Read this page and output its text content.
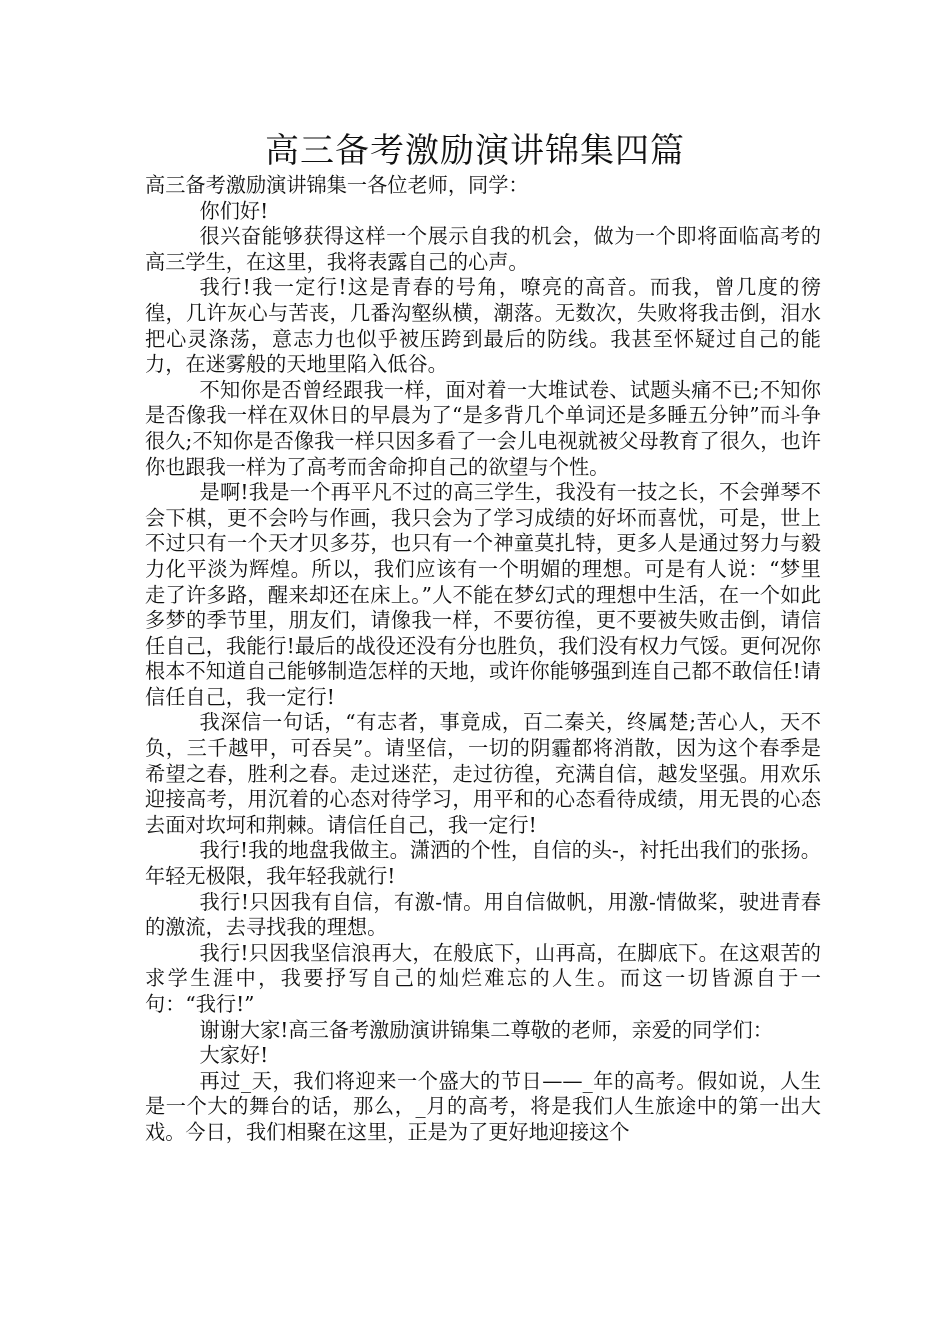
高三备考激励演讲锦集四篇

高三备考激励演讲锦集一各位老师，同学：

你们好!

很兴奋能够获得这样一个展示自我的机会，做为一个即将面临高考的高三学生，在这里，我将表露自己的心声。

我行!我一定行!这是青春的号角，嘹亮的高音。而我，曾几度的徬徨，几许灰心与苦丧，几番沟壑纵横，潮落。无数次，失败将我击倒，泪水把心灵涤荡，意志力也似乎被压跨到最后的防线。我甚至怀疑过自己的能力，在迷雾般的天地里陷入低谷。

不知你是否曾经跟我一样，面对着一大堆试卷、试题头痛不已;不知你是否像我一样在双休日的早晨为了“是多背几个单词还是多睡五分钟”而斗争很久;不知你是否像我一样只因多看了一会儿电视就被父母教育了很久，也许你也跟我一样为了高考而舍命抑自己的欲望与个性。

是啊!我是一个再平凡不过的高三学生，我没有一技之长，不会弹琴不会下棋，更不会吟与作画，我只会为了学习成绩的好坏而喜忧，可是，世上不过只有一个天才贝多芬，也只有一个神童莫扎特，更多人是通过努力与毅力化平淡为辉煌。所以，我们应该有一个明媚的理想。可是有人说：“梦里走了许多路，醒来却还在床上。”人不能在梦幻式的理想中生活，在一个如此多梦的季节里，朋友们，请像我一样，不要彷徨，更不要被失败击倒，请信任自己，我能行!最后的战役还没有分也胜负，我们没有权力气馁。更何况你根本不知道自己能够制造怎样的天地，或许你能够强到连自己都不敢信任!请信任自己，我一定行!

我深信一句话，“有志者，事竟成，百二秦关，终属楚;苦心人，天不负，三千越甲，可吞吴”。请坚信，一切的阴霾都将消散，因为这个春季是希望之春，胜利之春。走过迷茫，走过彷徨，充满自信，越发坚强。用欢乐迎接高考，用沉着的心态对待学习，用平和的心态看待成绩，用无畏的心态去面对坎坷和荆棘。请信任自己，我一定行!

我行!我的地盘我做主。潇洒的个性，自信的头-，衬托出我们的张扬。年轻无极限，我年轻我就行!

我行!只因我有自信，有激-情。用自信做帆，用激-情做桨，驶进青春的激流，去寻找我的理想。

我行!只因我坚信浪再大，在般底下，山再高，在脚底下。在这艰苦的求学生涯中，我要抒写自己的灿烂难忘的人生。而这一切皆源自于一句：“我行!”

谢谢大家!高三备考激励演讲锦集二尊敬的老师，亲爱的同学们：

大家好!

再过_天，我们将迎来一个盛大的节日——_年的高考。假如说，人生是一个大的舞台的话，那么，_月的高考，将是我们人生旅途中的第一出大戏。今日，我们相聚在这里，正是为了更好地迎接这个
